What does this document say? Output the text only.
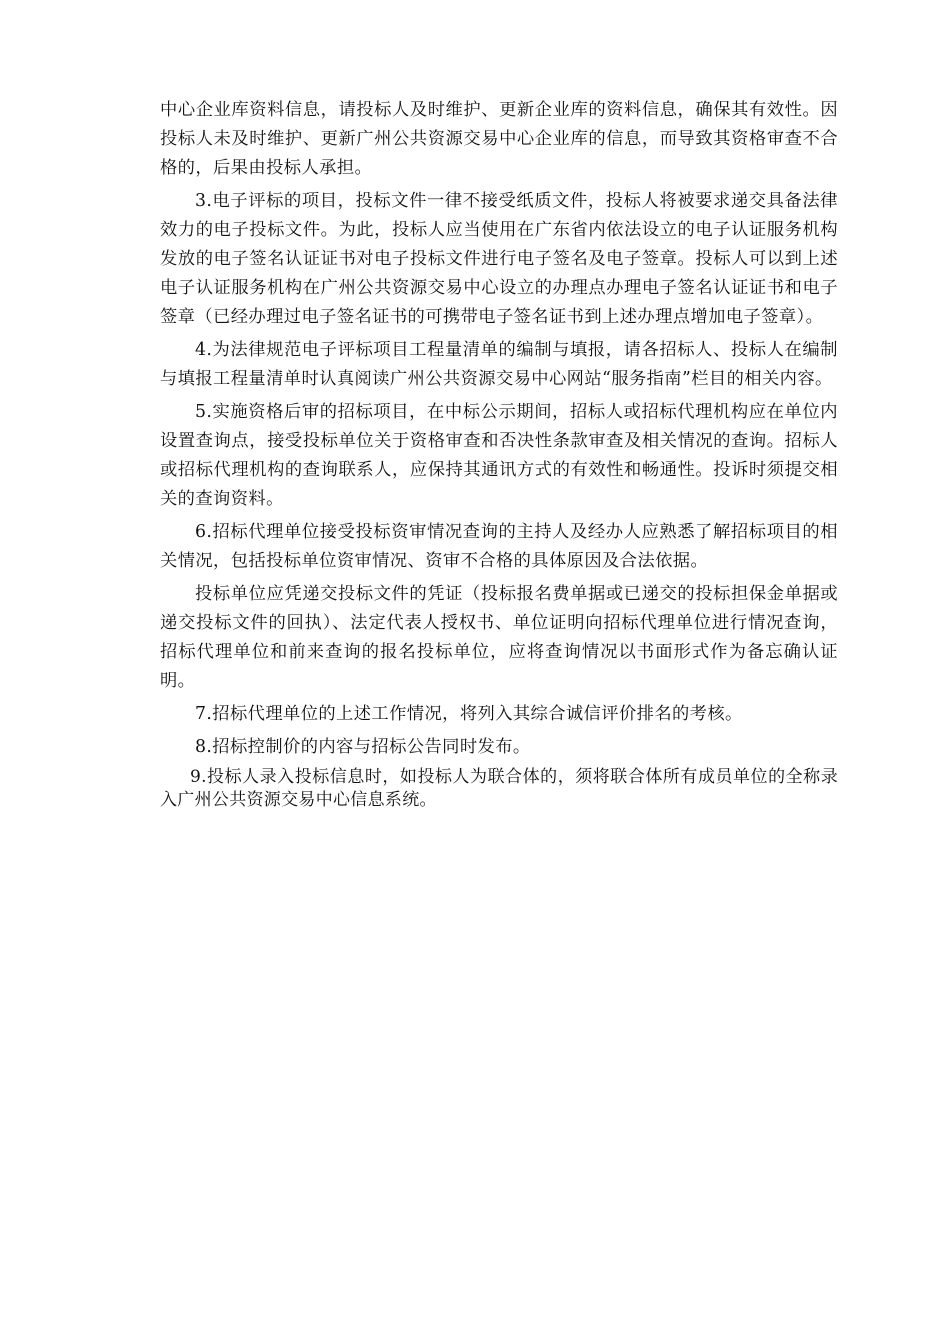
中心企业库资料信息，请投标人及时维护、更新企业库的资料信息，确保其有效性。因投标人未及时维护、更新广州公共资源交易中心企业库的信息，而导致其资格审查不合格的，后果由投标人承担。

3.电子评标的项目，投标文件一律不接受纸质文件，投标人将被要求递交具备法律效力的电子投标文件。为此，投标人应当使用在广东省内依法设立的电子认证服务机构发放的电子签名认证证书对电子投标文件进行电子签名及电子签章。投标人可以到上述电子认证服务机构在广州公共资源交易中心设立的办理点办理电子签名认证证书和电子签章（已经办理过电子签名证书的可携带电子签名证书到上述办理点增加电子签章）。

4.为法律规范电子评标项目工程量清单的编制与填报，请各招标人、投标人在编制与填报工程量清单时认真阅读广州公共资源交易中心网站“服务指南”栏目的相关内容。

5.实施资格后审的招标项目，在中标公示期间，招标人或招标代理机构应在单位内设置查询点，接受投标单位关于资格审查和否决性条款审查及相关情况的查询。招标人或招标代理机构的查询联系人，应保持其通讯方式的有效性和畅通性。投诉时须提交相关的查询资料。

6.招标代理单位接受投标资审情况查询的主持人及经办人应熟悉了解招标项目的相关情况，包括投标单位资审情况、资审不合格的具体原因及合法依据。

投标单位应凭递交投标文件的凭证（投标报名费单据或已递交的投标担保金单据或递交投标文件的回执）、法定代表人授权书、单位证明向招标代理单位进行情况查询，招标代理单位和前来查询的报名投标单位，应将查询情况以书面形式作为备忘确认证明。

7.招标代理单位的上述工作情况，将列入其综合诚信评价排名的考核。

8.招标控制价的内容与招标公告同时发布。

9.投标人录入投标信息时，如投标人为联合体的，须将联合体所有成员单位的全称录入广州公共资源交易中心信息系统。
